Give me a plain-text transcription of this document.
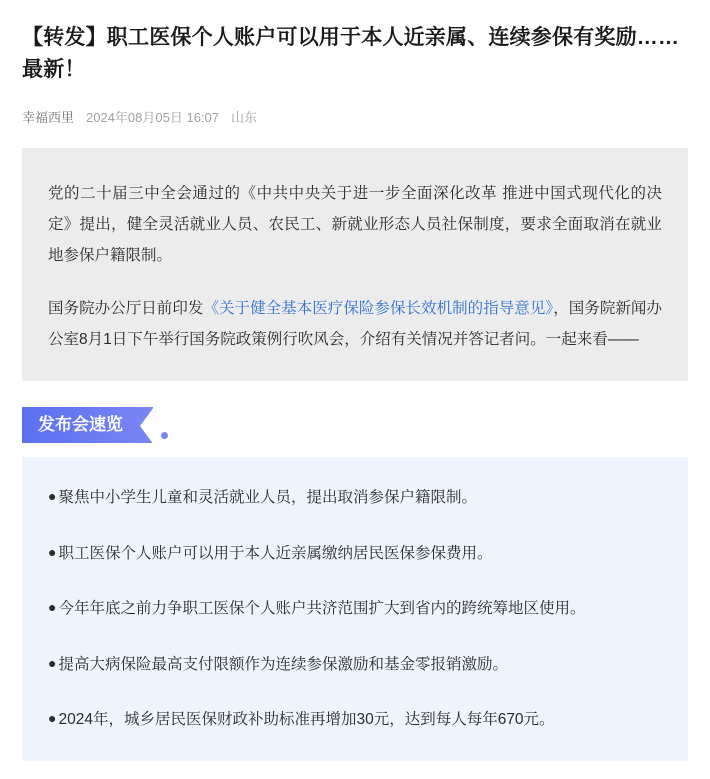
【转发】职工医保个人账户可以用于本人近亲属、连续参保有奖励……最新！
幸福西里 2024年08月05日 16:07 山东

党的二十届三中全会通过的《中共中央关于进一步全面深化改革 推进中国式现代化的决定》提出，健全灵活就业人员、农民工、新就业形态人员社保制度，要求全面取消在就业地参保户籍限制。

国务院办公厅日前印发《关于健全基本医疗保险参保长效机制的指导意见》，国务院新闻办公室8月1日下午举行国务院政策例行吹风会，介绍有关情况并答记者问。一起来看——

发布会速览
● 聚焦中小学生儿童和灵活就业人员，提出取消参保户籍限制。
● 职工医保个人账户可以用于本人近亲属缴纳居民医保参保费用。
● 今年年底之前力争职工医保个人账户共济范围扩大到省内的跨统筹地区使用。
● 提高大病保险最高支付限额作为连续参保激励和基金零报销激励。
● 2024年，城乡居民医保财政补助标准再增加30元，达到每人每年670元。
